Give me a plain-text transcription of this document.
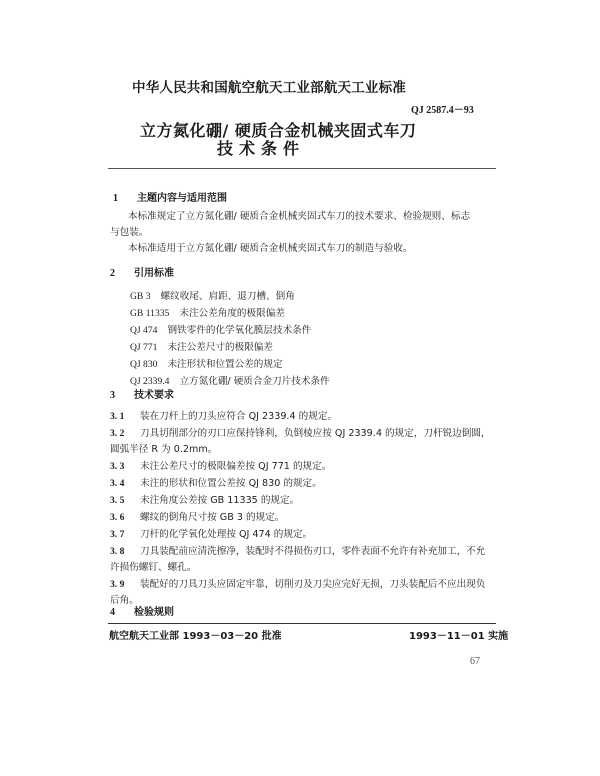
中华人民共和国航空航天工业部航天工业标准
QJ 2587.4－93
立方氮化硼/ 硬质合金机械夹固式车刀
技术条件
1 主题内容与适用范围
本标准规定了立方氮化硼/ 硬质合金机械夹固式车刀的技术要求、检验规则、标志
与包装。
本标准适用于立方氮化硼/ 硬质合金机械夹固式车刀的制造与验收。
2 引用标准
GB 3 螺纹收尾、肩距、退刀槽、倒角
GB 11335 未注公差角度的极限偏差
QJ 474 钢铁零件的化学氧化膜层技术条件
QJ 771 未注公差尺寸的极限偏差
QJ 830 未注形状和位置公差的规定
QJ 2339.4 立方氮化硼/ 硬质合金刀片技术条件
3 技术要求
3. 1 装在刀杆上的刀头应符合 QJ 2339.4 的规定。
3. 2 刀具切削部分的刃口应保持锋利，负倒棱应按 QJ 2339.4 的规定，刀杆锐边倒圆，
圆弧半径 R 为 0.2mm。
3. 3 未注公差尺寸的极限偏差按 QJ 771 的规定。
3. 4 未注的形状和位置公差按 QJ 830 的规定。
3. 5 未注角度公差按 GB 11335 的规定。
3. 6 螺纹的倒角尺寸按 GB 3 的规定。
3. 7 刀杆的化学氧化处理按 QJ 474 的规定。
3. 8 刀具装配前应清洗擦净，装配时不得损伤刃口，零件表面不允许有补充加工，不允
许损伤螺钉、螺孔。
3. 9 装配好的刀具刀头应固定牢靠，切削刃及刀尖应完好无损，刀头装配后不应出现负
后角。
4 检验规则
航空航天工业部 1993－03－20 批准	1993－11－01 实施
67
